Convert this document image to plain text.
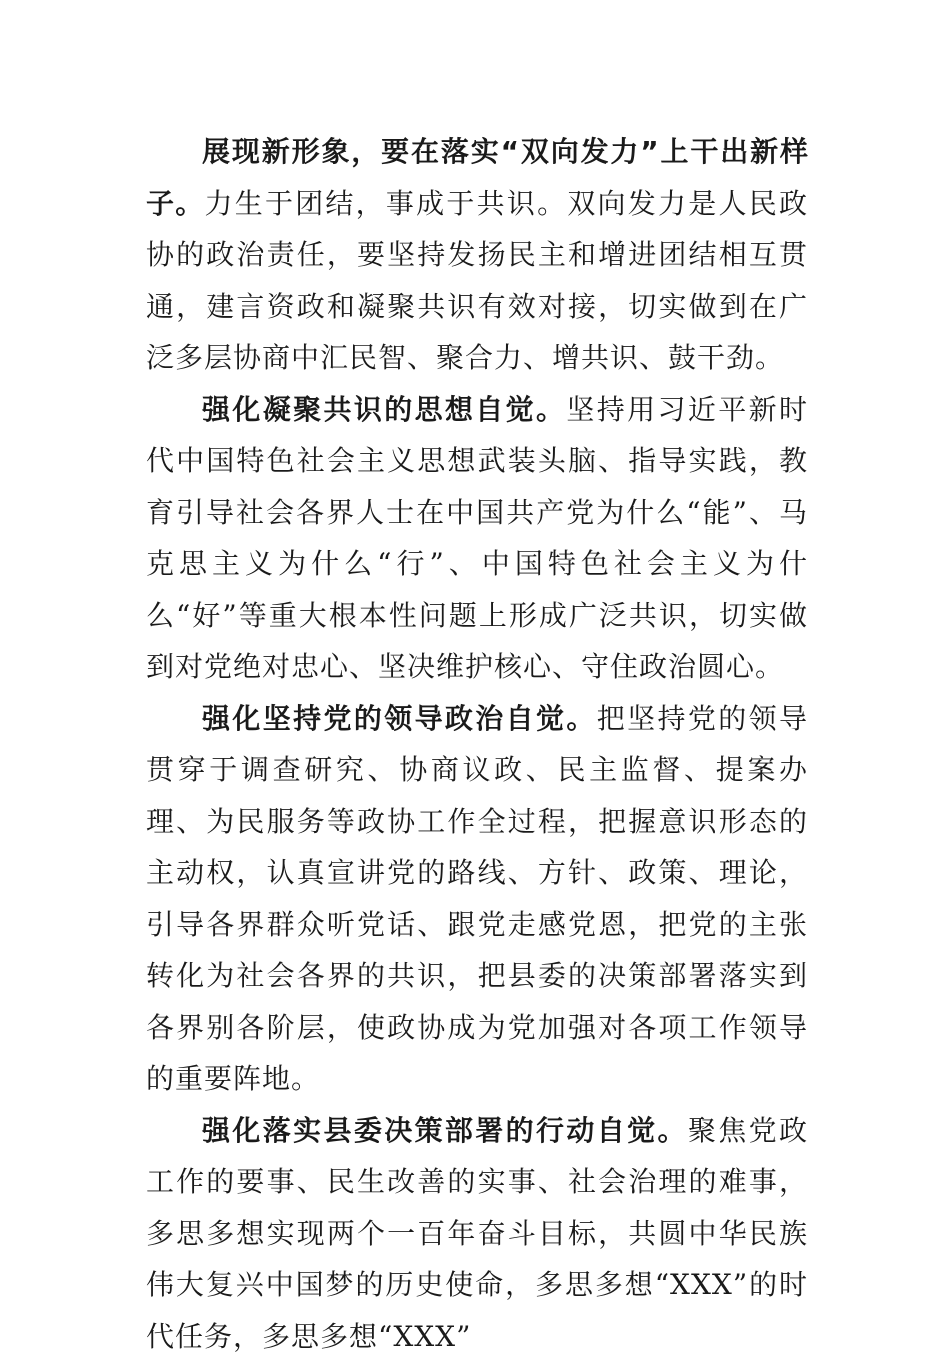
展现新形象，要在落实“双向发力”上干出新样子。力生于团结，事成于共识。双向发力是人民政协的政治责任，要坚持发扬民主和增进团结相互贯通，建言资政和凝聚共识有效对接，切实做到在广泛多层协商中汇民智、聚合力、增共识、鼓干劲。

强化凝聚共识的思想自觉。坚持用习近平新时代中国特色社会主义思想武装头脑、指导实践，教育引导社会各界人士在中国共产党为什么“能”、马克思主义为什么“行”、中国特色社会主义为什么“好”等重大根本性问题上形成广泛共识，切实做到对党绝对忠心、坚决维护核心、守住政治圆心。

强化坚持党的领导政治自觉。把坚持党的领导贯穿于调查研究、协商议政、民主监督、提案办理、为民服务等政协工作全过程，把握意识形态的主动权，认真宣讲党的路线、方针、政策、理论，引导各界群众听党话、跟党走感党恩，把党的主张转化为社会各界的共识，把县委的决策部署落实到各界别各阶层，使政协成为党加强对各项工作领导的重要阵地。

强化落实县委决策部署的行动自觉。聚焦党政工作的要事、民生改善的实事、社会治理的难事，多思多想实现两个一百年奋斗目标，共圆中华民族伟大复兴中国梦的历史使命，多思多想“XXX”的时代任务，多思多想“XXX”
